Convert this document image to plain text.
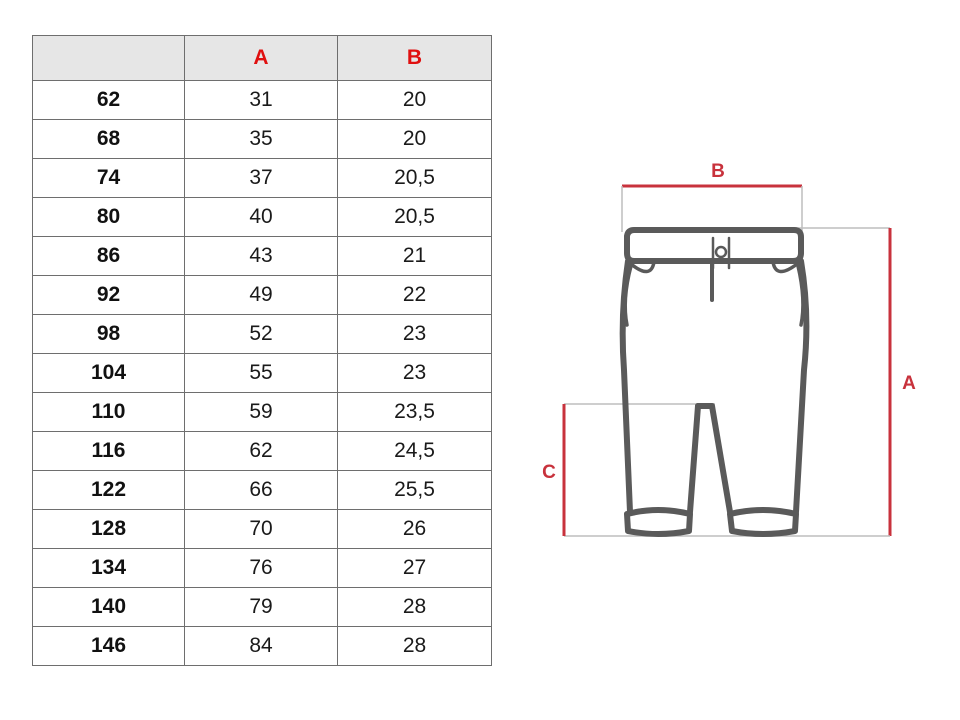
	A	B
62	31	20
68	35	20
74	37	20,5
80	40	20,5
86	43	21
92	49	22
98	52	23
104	55	23
110	59	23,5
116	62	24,5
122	66	25,5
128	70	26
134	76	27
140	79	28
146	84	28
B
A
C
